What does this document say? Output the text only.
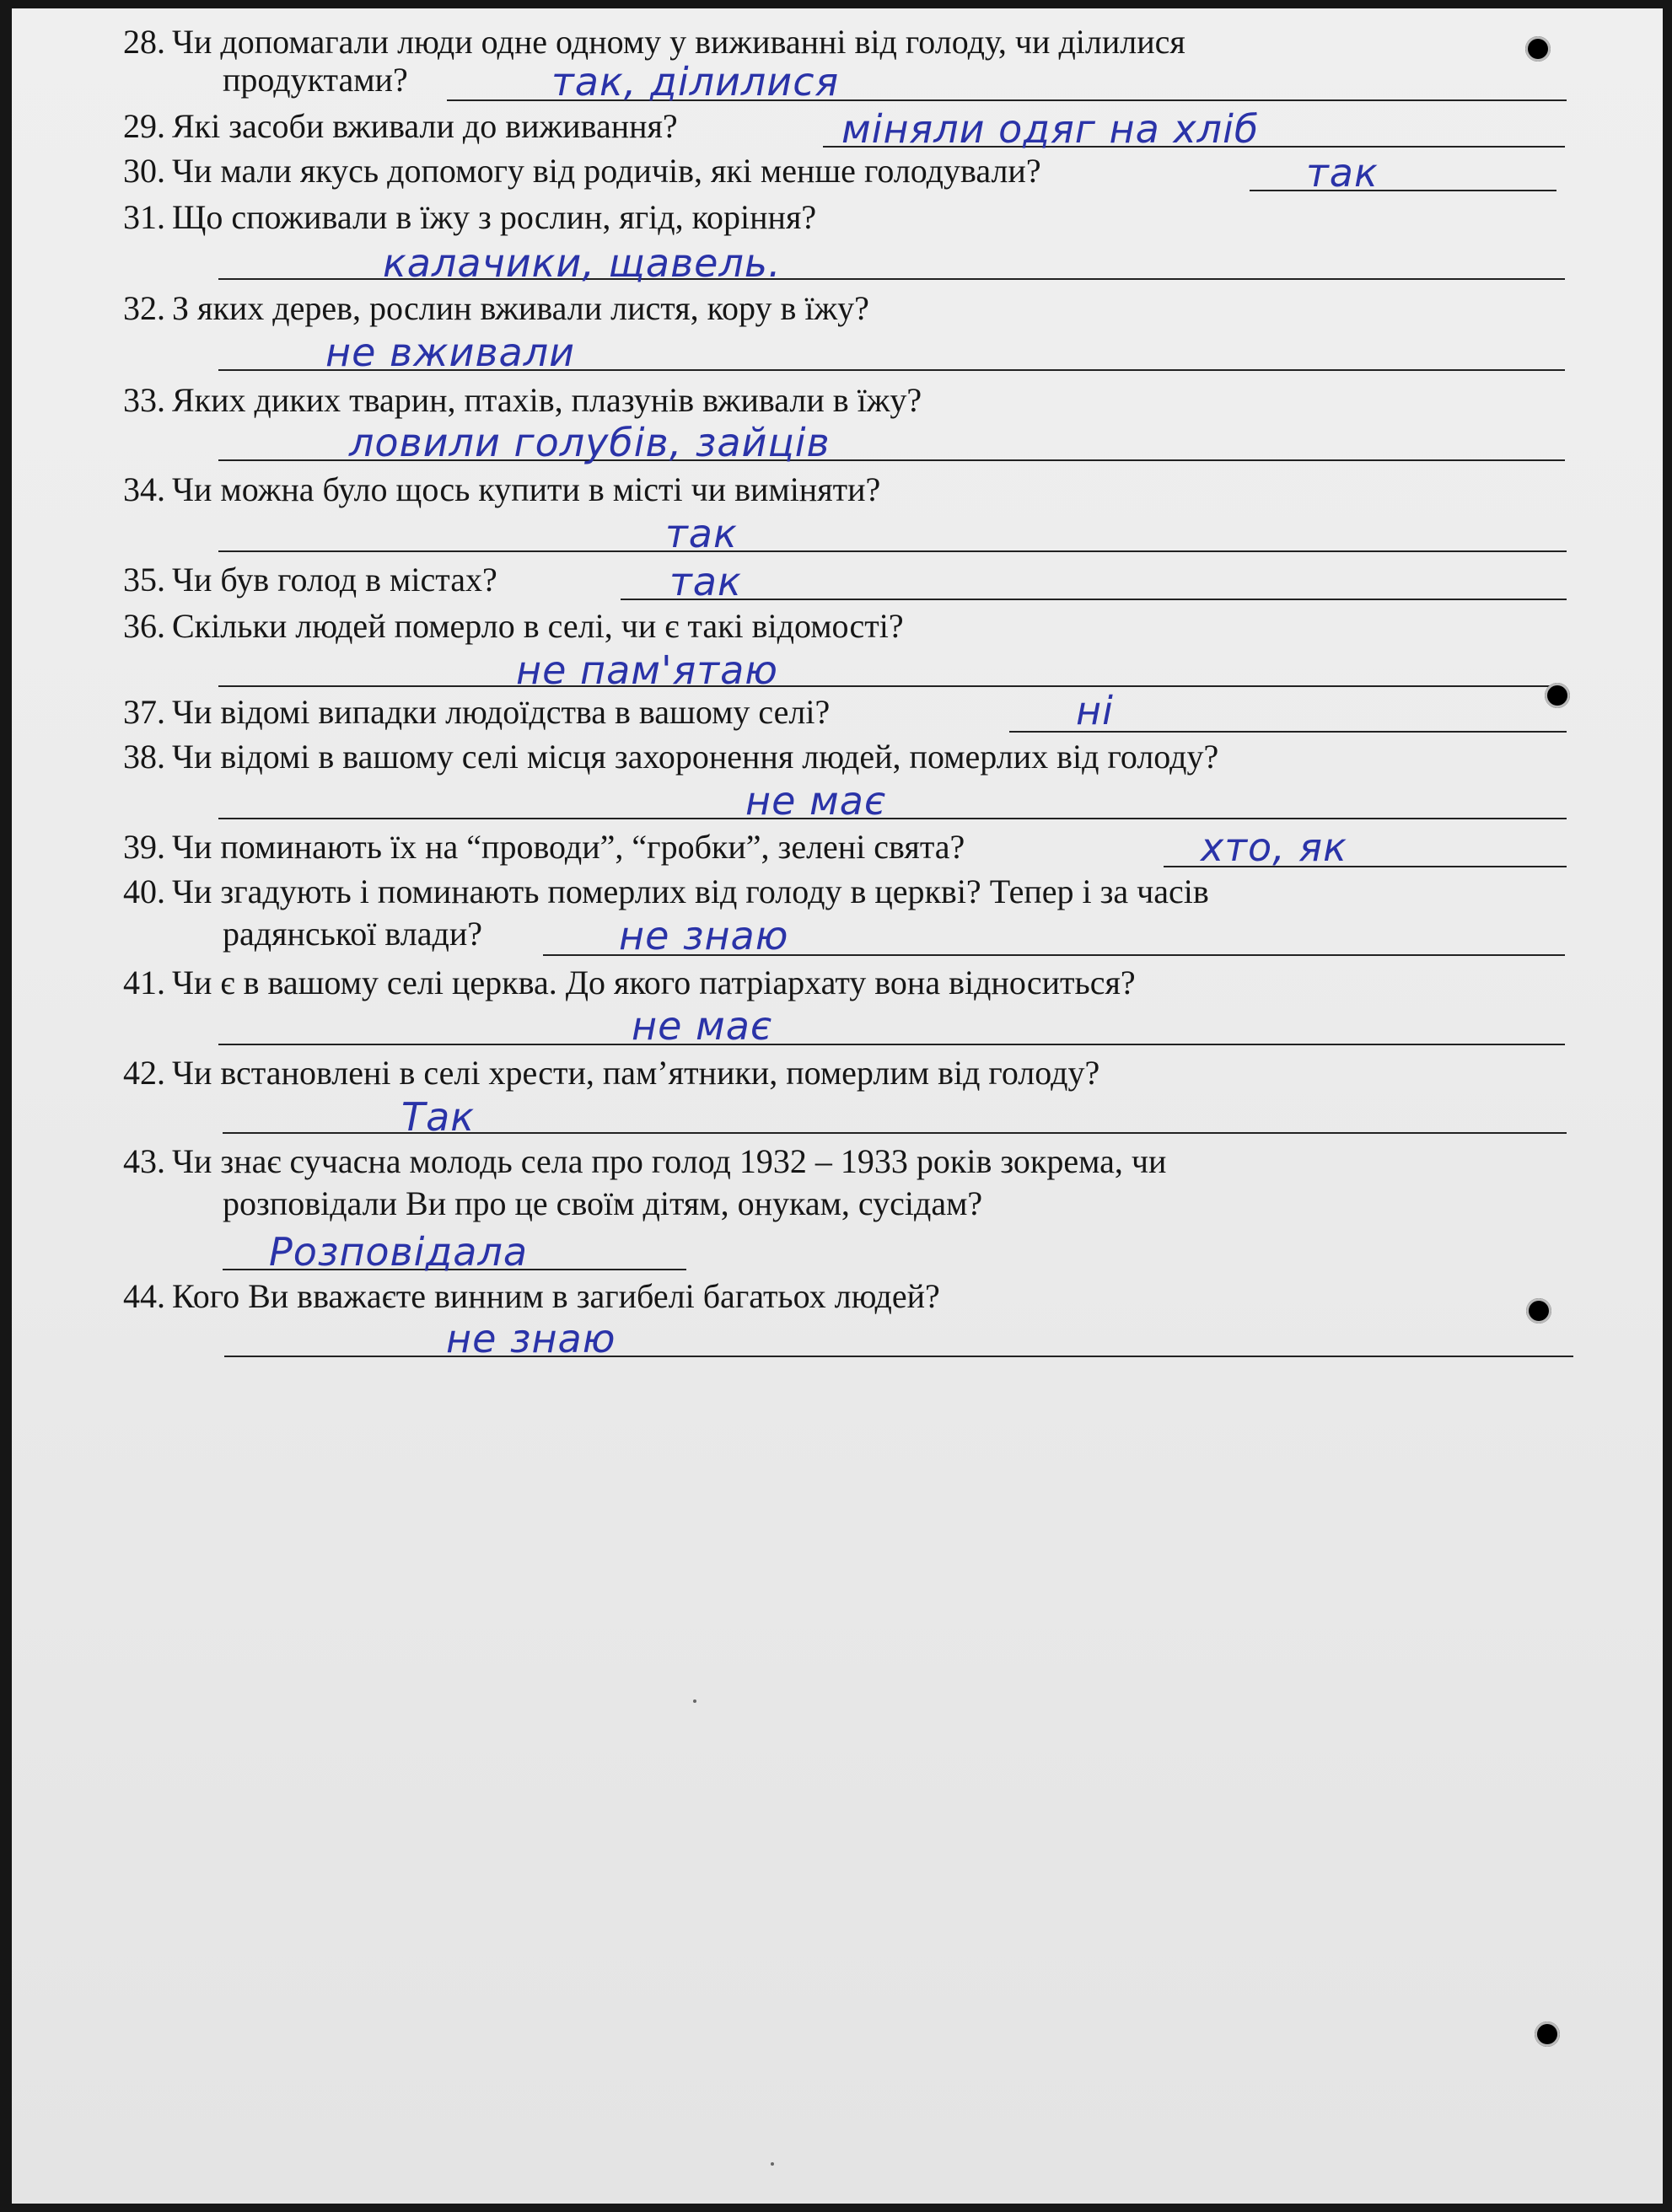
28. Чи допомагали люди одне одному у виживанні від голоду, чи ділилися
продуктами?	так, ділилися
29. Які засоби вживали до виживання?	міняли одяг на хліб
30. Чи мали якусь допомогу від родичів, які менше голодували?	так
31. Що споживали в їжу з рослин, ягід, коріння?
калачики, щавель.
32. З яких дерев, рослин вживали листя, кору в їжу?
не вживали
33. Яких диких тварин, птахів, плазунів вживали в їжу?
ловили голубів, зайців
34. Чи можна було щось купити в місті чи виміняти?
так
35. Чи був голод в містах?	так
36. Скільки людей померло в селі, чи є такі відомості?
не пам'ятаю
37. Чи відомі випадки людоїдства в вашому селі?	ні
38. Чи відомі в вашому селі місця захоронення людей, померлих від голоду?
не має
39. Чи поминають їх на “проводи”, “гробки”, зелені свята?	хто, як
40. Чи згадують і поминають померлих від голоду в церкві? Тепер і за часів
радянської влади?	не знаю
41. Чи є в вашому селі церква. До якого патріархату вона відноситься?
не має
42. Чи встановлені в селі хрести, пам’ятники, померлим від голоду?
Так
43. Чи знає сучасна молодь села про голод 1932 – 1933 років зокрема, чи
розповідали Ви про це своїм дітям, онукам, сусідам?
Розповідала
44. Кого Ви вважаєте винним в загибелі багатьох людей?
не знаю
